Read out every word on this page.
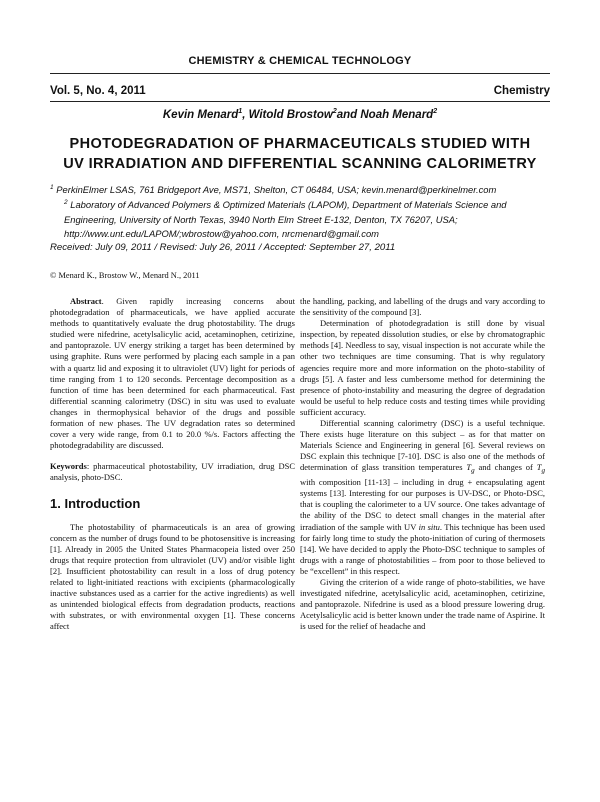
CHEMISTRY & CHEMICAL TECHNOLOGY
Vol. 5, No. 4, 2011	Chemistry
Kevin Menard$^1$, Witold Brostow$^2$and Noah Menard$^2$
PHOTODEGRADATION OF PHARMACEUTICALS STUDIED WITH
UV IRRADIATION AND DIFFERENTIAL SCANNING CALORIMETRY
$^1$ PerkinElmer LSAS, 761 Bridgeport Ave, MS71, Shelton, CT 06484, USA; kevin.menard@perkinelmer.com
$^2$ Laboratory of Advanced Polymers & Optimized Materials (LAPOM), Department of Materials Science and Engineering, University of North Texas, 3940 North Elm Street E-132, Denton, TX 76207, USA; http://www.unt.edu/LAPOM/;wbrostow@yahoo.com, nrcmenard@gmail.com
Received: July 09, 2011 / Revised: July 26, 2011 / Accepted: September 27, 2011
© Menard K., Brostow W., Menard N., 2011

Abstract. Given rapidly increasing concerns about photodegradation of pharmaceuticals, we have applied accurate methods to quantitatively evaluate the drug photostability. The drugs studied were nifedrine, acetylsalicylic acid, acetaminophen, cetirizine, and pantoprazole. UV energy striking a target has been determined by using graphite. Runs were performed by placing each sample in a pan with a quartz lid and exposing it to ultraviolet (UV) light for periods of time ranging from 1 to 120 seconds. Percentage decomposition as a function of time has been determined for each pharmaceutical. Fast differential scanning calorimetry (DSC) in situ was used to evaluate changes in thermophysical behavior of the drugs and possible formation of new phases. The UV degradation rates so determined cover a very wide range, from 0.1 to 20.0 %/s. Factors affecting the photodegradability are discussed.

Keywords: pharmaceutical photostability, UV irradiation, drug DSC analysis, photo-DSC.

1. Introduction

The photostability of pharmaceuticals is an area of growing concern as the number of drugs found to be photosensitive is increasing [1]. Already in 2005 the United States Pharmacopeia listed over 250 drugs that require protection from ultraviolet (UV) and/or visible light [2]. Insufficient photostability can result in a loss of drug potency related to light-initiated reactions with excipients (pharmacologically inactive substances used as a carrier for the active ingredients) as well as unintended biological effects from degradation products, reactions with substrates, or with environmental oxygen [1]. These concerns affect

the handling, packing, and labelling of the drugs and vary according to the sensitivity of the compound [3].

Determination of photodegradation is still done by visual inspection, by repeated dissolution studies, or else by chromatographic methods [4]. Needless to say, visual inspection is not accurate while the other two techniques are time consuming. That is why regulatory agencies require more and more information on the photo-stability of drugs [5]. A faster and less cumbersome method for determining the presence of photo-instability and measuring the degree of degradation would be useful to help reduce costs and testing times while providing sufficient accuracy.

Differential scanning calorimetry (DSC) is a useful technique. There exists huge literature on this subject – as for that matter on Materials Science and Engineering in general [6]. Several reviews on DSC explain this technique [7-10]. DSC is also one of the methods of determination of glass transition temperatures $T_g$ and changes of $T_g$ with composition [11-13] – including in drug + encapsulating agent systems [13]. Interesting for our purposes is UV-DSC, or Photo-DSC, that is coupling the calorimeter to a UV source. One takes advantage of the ability of the DSC to detect small changes in the material after irradiation of the sample with UV in situ. This technique has been used for fairly long time to study the photo-initiation of curing of thermosets [14]. We have decided to apply the Photo-DSC technique to samples of drugs with a range of photostabilities – from poor to those believed to be “excellent” in this respect.

Giving the criterion of a wide range of photo-stabilities, we have investigated nifedrine, acetylsalicylic acid, acetaminophen, cetirizine, and pantoprazole. Nifedrine is used as a blood pressure lowering drug. Acetylsalicylic acid is better known under the trade name of Aspirine. It is used for the relief of headache and
